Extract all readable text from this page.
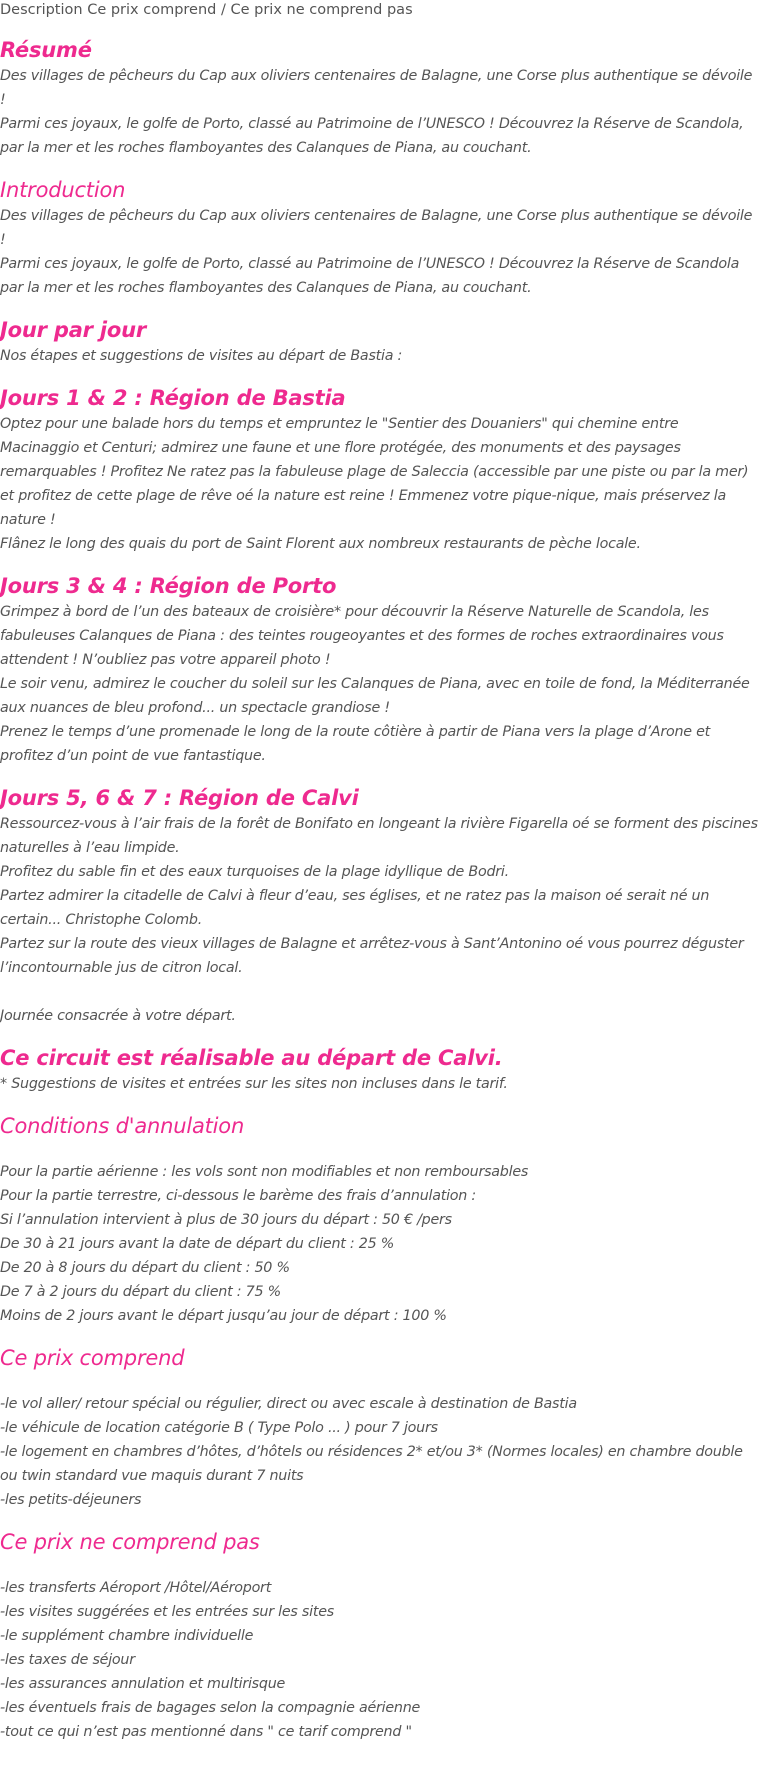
Description Ce prix comprend / Ce prix ne comprend pas
Résumé

Des villages de pêcheurs du Cap aux oliviers centenaires de Balagne, une Corse plus authentique se dévoile !

Parmi ces joyaux, le golfe de Porto, classé au Patrimoine de l’UNESCO ! Découvrez la Réserve de Scandola, par la mer et les roches flamboyantes des Calanques de Piana, au couchant.

Introduction

Des villages de pêcheurs du Cap aux oliviers centenaires de Balagne, une Corse plus authentique se dévoile !

Parmi ces joyaux, le golfe de Porto, classé au Patrimoine de l’UNESCO ! Découvrez la Réserve de Scandola par la mer et les roches flamboyantes des Calanques de Piana, au couchant.

Jour par jour

Nos étapes et suggestions de visites au départ de Bastia :

Jours 1 & 2 : Région de Bastia

Optez pour une balade hors du temps et empruntez le "Sentier des Douaniers" qui chemine entre Macinaggio et Centuri; admirez une faune et une flore protégée, des monuments et des paysages remarquables ! Profitez Ne ratez pas la fabuleuse plage de Saleccia (accessible par une piste ou par la mer) et profitez de cette plage de rêve oé la nature est reine ! Emmenez votre pique-nique, mais préservez la nature !

Flânez le long des quais du port de Saint Florent aux nombreux restaurants de pèche locale.

Jours 3 & 4 : Région de Porto

Grimpez à bord de l’un des bateaux de croisière* pour découvrir la Réserve Naturelle de Scandola, les fabuleuses Calanques de Piana : des teintes rougeoyantes et des formes de roches extraordinaires vous attendent ! N’oubliez pas votre appareil photo !

Le soir venu, admirez le coucher du soleil sur les Calanques de Piana, avec en toile de fond, la Méditerranée aux nuances de bleu profond... un spectacle grandiose !

Prenez le temps d’une promenade le long de la route côtière à partir de Piana vers la plage d’Arone et profitez d’un point de vue fantastique.

Jours 5, 6 & 7 : Région de Calvi

Ressourcez-vous à l’air frais de la forêt de Bonifato en longeant la rivière Figarella oé se forment des piscines naturelles à l’eau limpide.

Profitez du sable fin et des eaux turquoises de la plage idyllique de Bodri.

Partez admirer la citadelle de Calvi à fleur d’eau, ses églises, et ne ratez pas la maison oé serait né un certain... Christophe Colomb.

Partez sur la route des vieux villages de Balagne et arrêtez-vous à Sant’Antonino oé vous pourrez déguster l’incontournable jus de citron local.

Journée consacrée à votre départ.

Ce circuit est réalisable au départ de Calvi.

* Suggestions de visites et entrées sur les sites non incluses dans le tarif.

Conditions d'annulation

Pour la partie aérienne : les vols sont non modifiables et non remboursables

Pour la partie terrestre, ci-dessous le barème des frais d’annulation :

Si l’annulation intervient à plus de 30 jours du départ : 50 € /pers

De 30 à 21 jours avant la date de départ du client : 25 %

De 20 à 8 jours du départ du client : 50 %

De 7 à 2 jours du départ du client : 75 %

Moins de 2 jours avant le départ jusqu’au jour de départ : 100 %

Ce prix comprend

-le vol aller/ retour spécial ou régulier, direct ou avec escale à destination de Bastia

-le véhicule de location catégorie B ( Type Polo ... ) pour 7 jours

-le logement en chambres d’hôtes, d’hôtels ou résidences 2* et/ou 3* (Normes locales) en chambre double ou twin standard vue maquis durant 7 nuits

-les petits-déjeuners

Ce prix ne comprend pas

-les transferts Aéroport /Hôtel/Aéroport

-les visites suggérées et les entrées sur les sites

-le supplément chambre individuelle

-les taxes de séjour

-les assurances annulation et multirisque

-les éventuels frais de bagages selon la compagnie aérienne

-tout ce qui n’est pas mentionné dans " ce tarif comprend "
